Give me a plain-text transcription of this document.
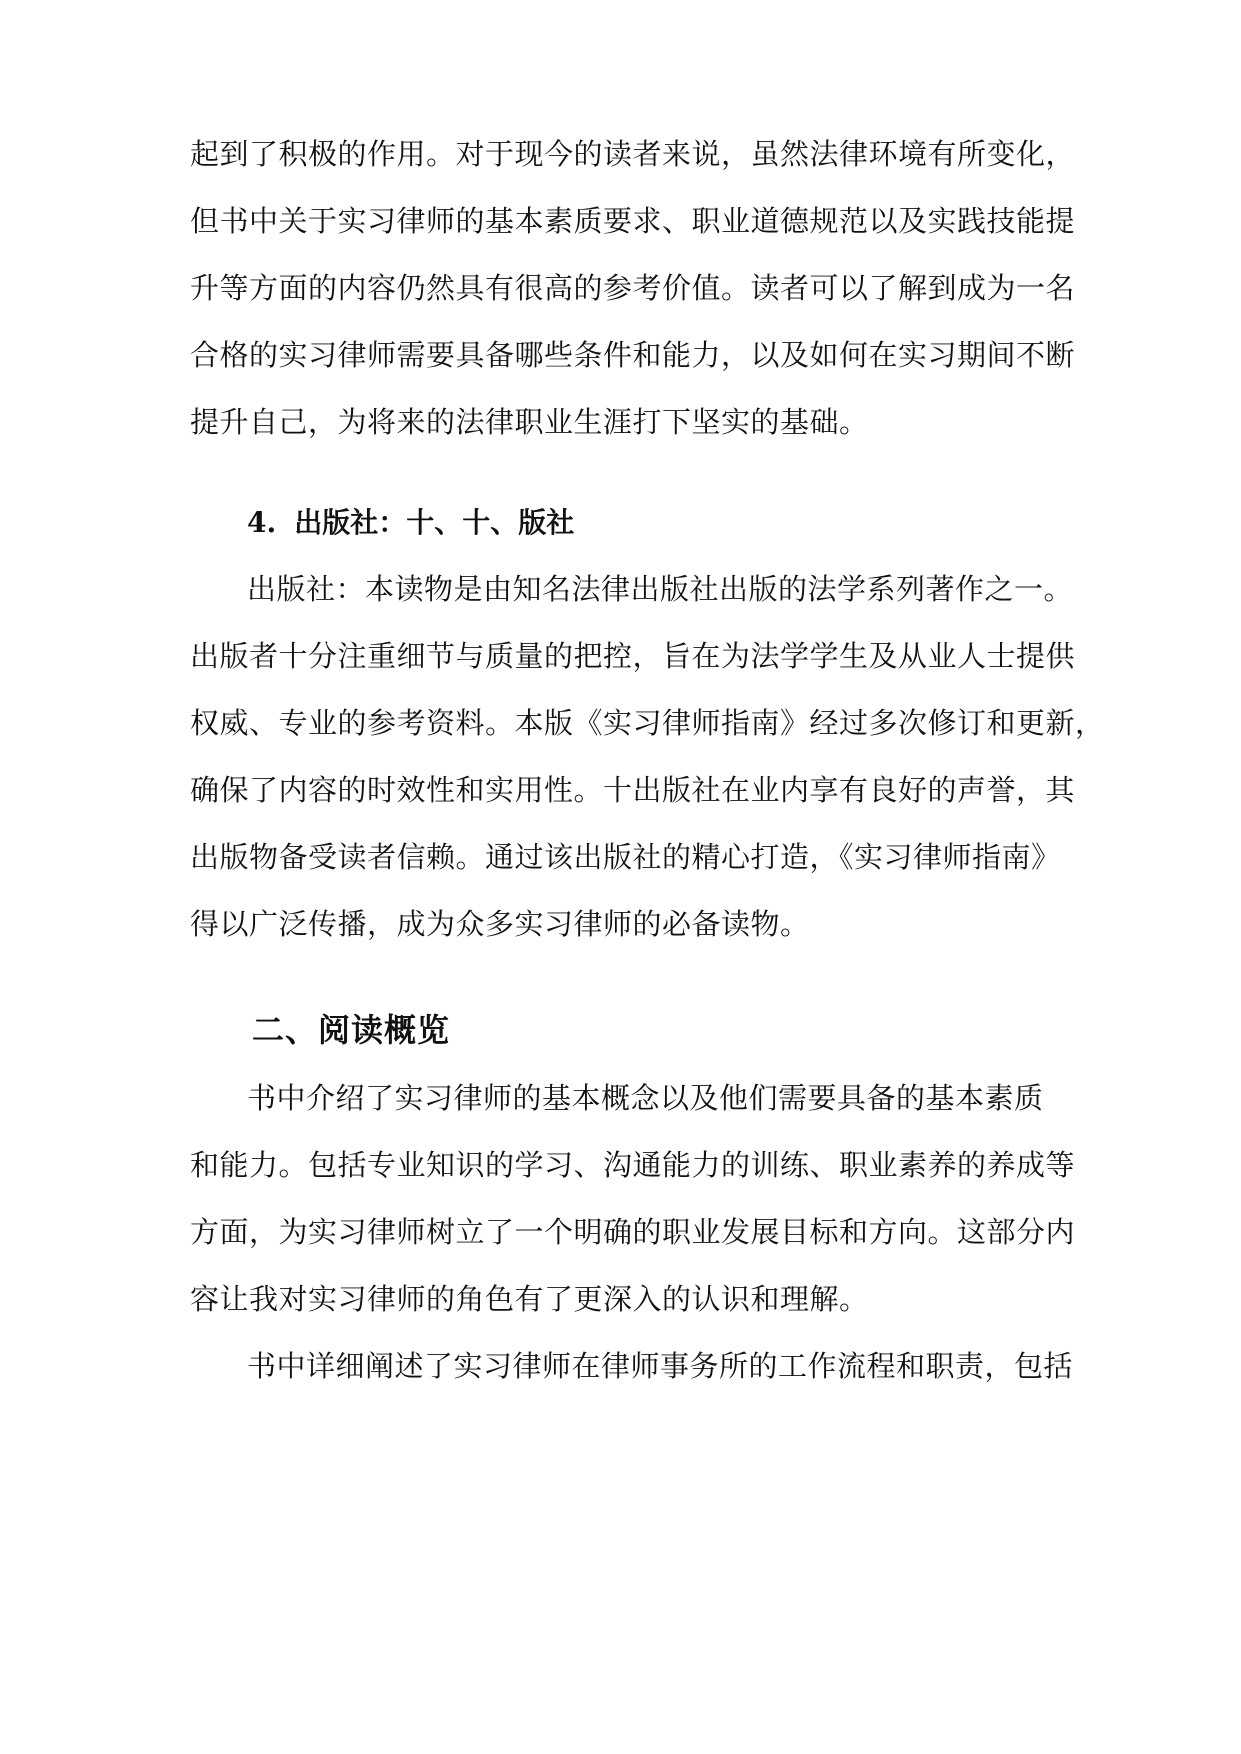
起到了积极的作用。对于现今的读者来说，虽然法律环境有所变化，
但书中关于实习律师的基本素质要求、职业道德规范以及实践技能提
升等方面的内容仍然具有很高的参考价值。读者可以了解到成为一名
合格的实习律师需要具备哪些条件和能力，以及如何在实习期间不断
提升自己，为将来的法律职业生涯打下坚实的基础。
4. 出版社：十、十、版社
出版社：本读物是由知名法律出版社出版的法学系列著作之一。
出版者十分注重细节与质量的把控，旨在为法学学生及从业人士提供
权威、专业的参考资料。本版《实习律师指南》经过多次修订和更新，
确保了内容的时效性和实用性。十出版社在业内享有良好的声誉，其
出版物备受读者信赖。通过该出版社的精心打造，《实习律师指南》
得以广泛传播，成为众多实习律师的必备读物。
二、阅读概览
书中介绍了实习律师的基本概念以及他们需要具备的基本素质
和能力。包括专业知识的学习、沟通能力的训练、职业素养的养成等
方面，为实习律师树立了一个明确的职业发展目标和方向。这部分内
容让我对实习律师的角色有了更深入的认识和理解。
书中详细阐述了实习律师在律师事务所的工作流程和职责，包括
